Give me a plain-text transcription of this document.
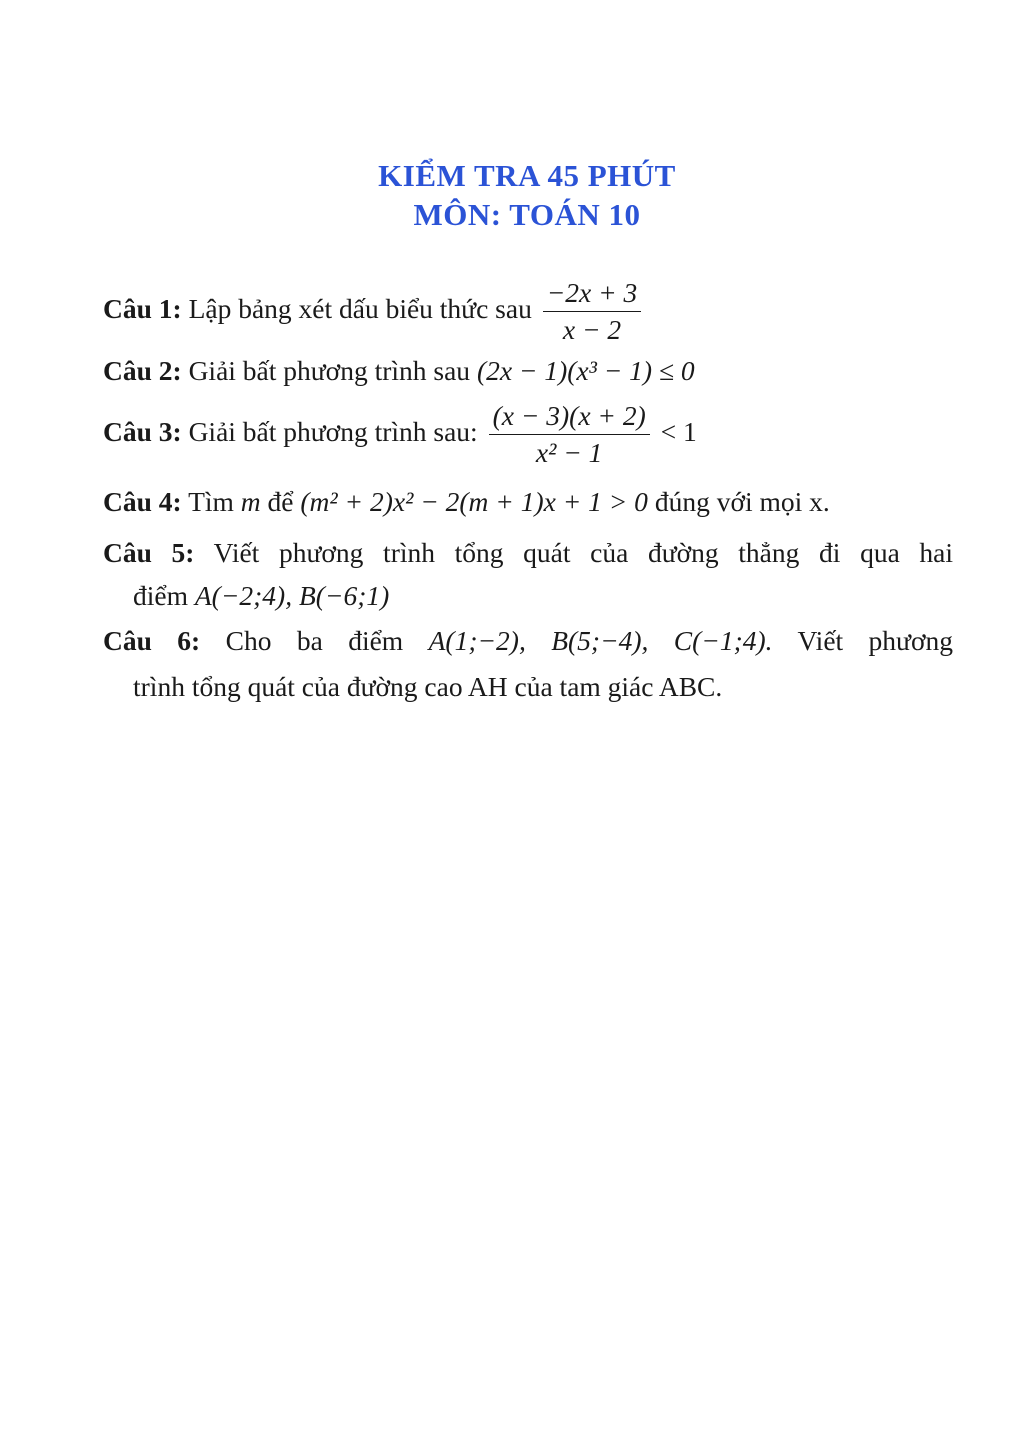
KIỂM TRA 45 PHÚT
MÔN: TOÁN 10
Câu 1: Lập bảng xét dấu biểu thức sau $\frac{-2x + 3}{x - 2}$
Câu 2: Giải bất phương trình sau (2x − 1)(x³ − 1) ≤ 0
Câu 3: Giải bất phương trình sau: $\frac{(x - 3)(x + 2)}{\text{x² − 1}} < 1$
Câu 4: Tìm m để (m² + 2)x² − 2(m + 1)x + 1 > 0 đúng với mọi x.
Câu 5: Viết phương trình tổng quát của đường thẳng đi qua hai
điểm A(−2;4), B(−6;1)
Câu 6: Cho ba điểm A(1;−2), B(5;−4), C(−1;4). Viết phương
trình tổng quát của đường cao AH của tam giác ABC.
